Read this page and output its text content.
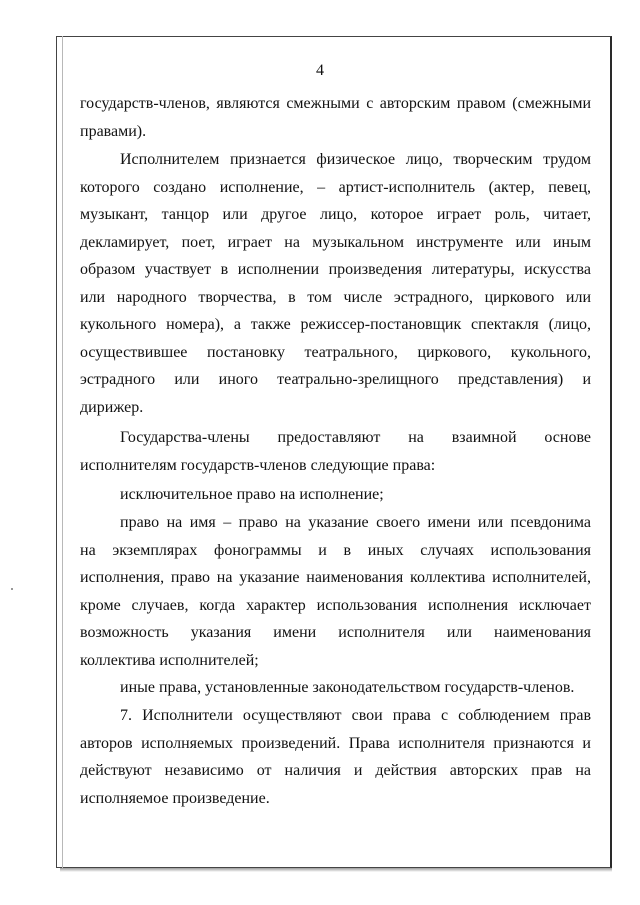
4
государств-членов, являются смежными с авторским правом (смежными
правами).
Исполнителем признается физическое лицо, творческим трудом
которого создано исполнение, – артист-исполнитель (актер, певец,
музыкант, танцор или другое лицо, которое играет роль, читает,
декламирует, поет, играет на музыкальном инструменте или иным
образом участвует в исполнении произведения литературы, искусства
или народного творчества, в том числе эстрадного, циркового или
кукольного номера), а также режиссер-постановщик спектакля (лицо,
осуществившее постановку театрального, циркового, кукольного,
эстрадного или иного театрально-зрелищного представления) и
дирижер.
Государства-члены предоставляют на взаимной основе
исполнителям государств-членов следующие права:
исключительное право на исполнение;
право на имя – право на указание своего имени или псевдонима
на экземплярах фонограммы и в иных случаях использования
исполнения, право на указание наименования коллектива исполнителей,
кроме случаев, когда характер использования исполнения исключает
возможность указания имени исполнителя или наименования
коллектива исполнителей;
иные права, установленные законодательством государств-членов.
7. Исполнители осуществляют свои права с соблюдением прав
авторов исполняемых произведений. Права исполнителя признаются и
действуют независимо от наличия и действия авторских прав на
исполняемое произведение.
